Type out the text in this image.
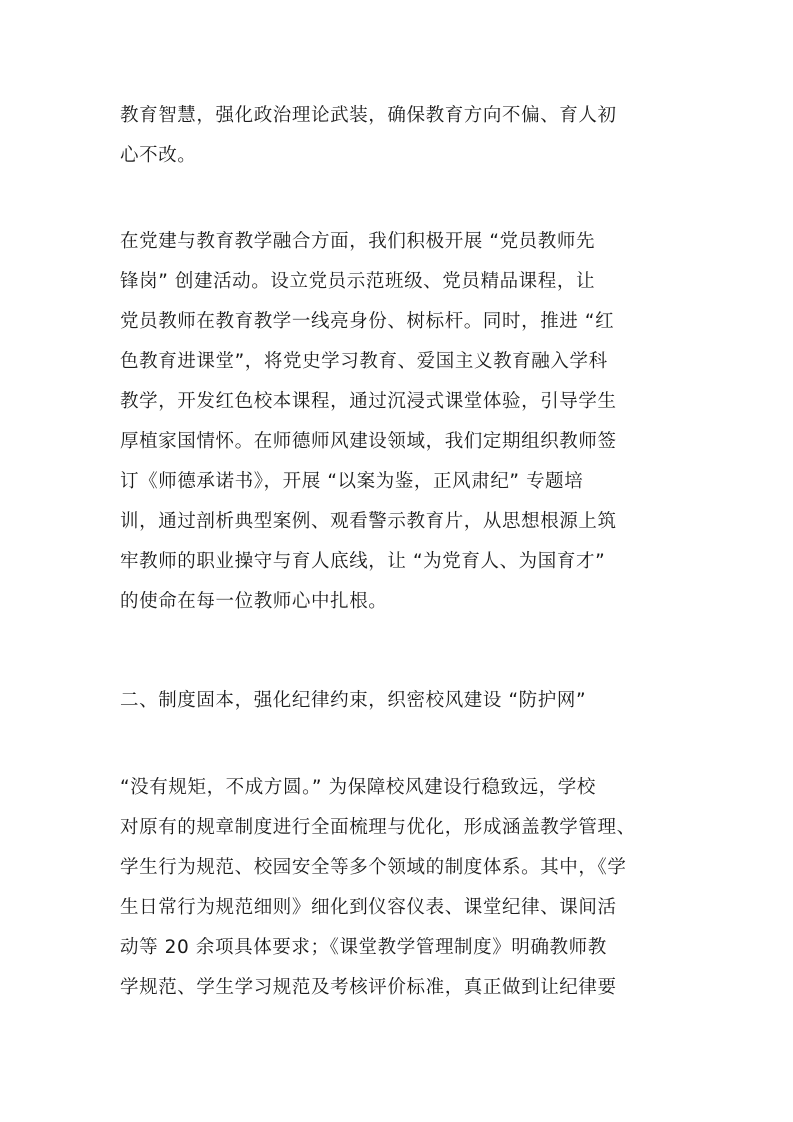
教育智慧，强化政治理论武装，确保教育方向不偏、育人初
心不改。
在党建与教育教学融合方面，我们积极开展 “党员教师先
锋岗” 创建活动。设立党员示范班级、党员精品课程，让
党员教师在教育教学一线亮身份、树标杆。同时，推进 “红
色教育进课堂”，将党史学习教育、爱国主义教育融入学科
教学，开发红色校本课程，通过沉浸式课堂体验，引导学生
厚植家国情怀。在师德师风建设领域，我们定期组织教师签
订《师德承诺书》，开展 “以案为鉴，正风肃纪” 专题培
训，通过剖析典型案例、观看警示教育片，从思想根源上筑
牢教师的职业操守与育人底线，让 “为党育人、为国育才”
的使命在每一位教师心中扎根。
二、制度固本，强化纪律约束，织密校风建设 “防护网”
“没有规矩，不成方圆。” 为保障校风建设行稳致远，学校
对原有的规章制度进行全面梳理与优化，形成涵盖教学管理、
学生行为规范、校园安全等多个领域的制度体系。其中，《学
生日常行为规范细则》细化到仪容仪表、课堂纪律、课间活
动等 20 余项具体要求；《课堂教学管理制度》明确教师教
学规范、学生学习规范及考核评价标准，真正做到让纪律要
